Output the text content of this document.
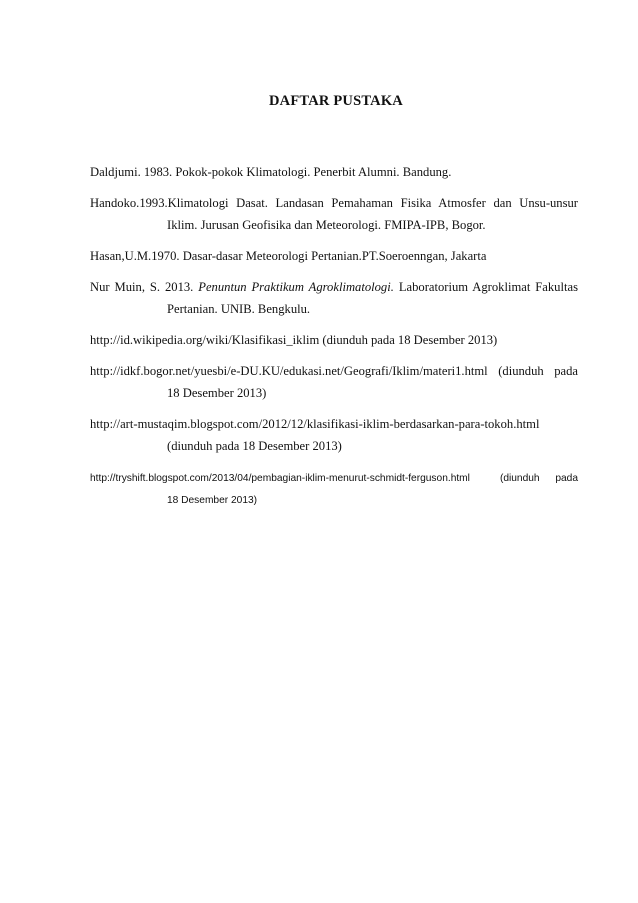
DAFTAR PUSTAKA

Daldjumi. 1983. Pokok-pokok Klimatologi. Penerbit Alumni. Bandung.

Handoko.1993.Klimatologi Dasat. Landasan Pemahaman Fisika Atmosfer dan Unsu-unsur Iklim. Jurusan Geofisika dan Meteorologi. FMIPA-IPB, Bogor.

Hasan,U.M.1970. Dasar-dasar Meteorologi Pertanian.PT.Soeroenngan, Jakarta

Nur Muin, S. 2013. Penuntun Praktikum Agroklimatologi. Laboratorium Agroklimat Fakultas Pertanian. UNIB. Bengkulu.

http://id.wikipedia.org/wiki/Klasifikasi_iklim (diunduh pada 18 Desember 2013)

http://idkf.bogor.net/yuesbi/e-DU.KU/edukasi.net/Geografi/Iklim/materi1.html (diunduh pada 18 Desember 2013)

http://art-mustaqim.blogspot.com/2012/12/klasifikasi-iklim-berdasarkan-para-tokoh.html (diunduh pada 18 Desember 2013)

http://tryshift.blogspot.com/2013/04/pembagian-iklim-menurut-schmidt-ferguson.html	(diunduh pada 18 Desember 2013)
